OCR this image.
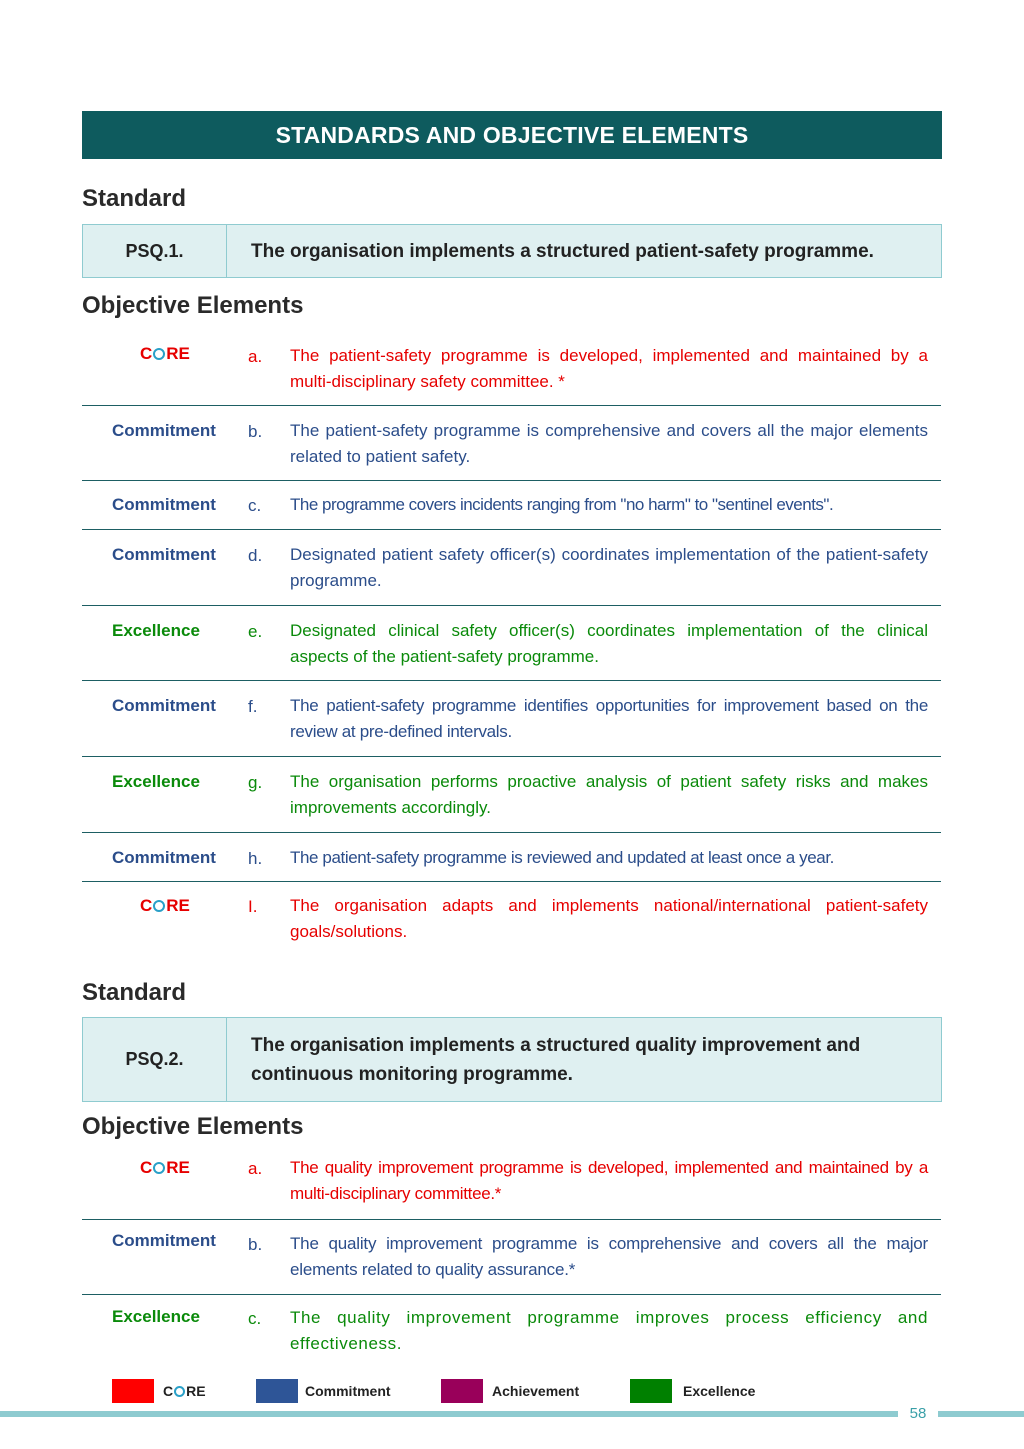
STANDARDS AND OBJECTIVE ELEMENTS
Standard
PSQ.1.	The organisation implements a structured patient-safety programme.
Objective Elements
C RE	a. The patient-safety programme is developed, implemented and maintained by a multi-disciplinary safety committee. *
Commitment b. The patient-safety programme is comprehensive and covers all the major elements related to patient safety.
Commitment c. The programme covers incidents ranging from "no harm" to "sentinel events".
Commitment d. Designated patient safety officer(s) coordinates implementation of the patient-safety programme.
Excellence	e. Designated clinical safety officer(s) coordinates implementation of the clinical aspects of the patient-safety programme.
Commitment f. The patient-safety programme identifies opportunities for improvement based on the review at pre-defined intervals.
Excellence	g. The organisation performs proactive analysis of patient safety risks and makes improvements accordingly.
Commitment h. The patient-safety programme is reviewed and updated at least once a year.
C RE	I. The organisation adapts and implements national/international patient-safety goals/solutions.
Standard
PSQ.2.
The organisation implements a structured quality improvement and continuous monitoring programme.
Objective Elements
C RE	a. The quality improvement programme is developed, implemented and maintained by a multi-disciplinary committee.*
Commitment b. The quality improvement programme is comprehensive and covers all the major elements related to quality assurance.*
Excellence	c. The quality improvement programme improves process efficiency and effectiveness.
C RE	Commitment	Achievement	Excellence
58
